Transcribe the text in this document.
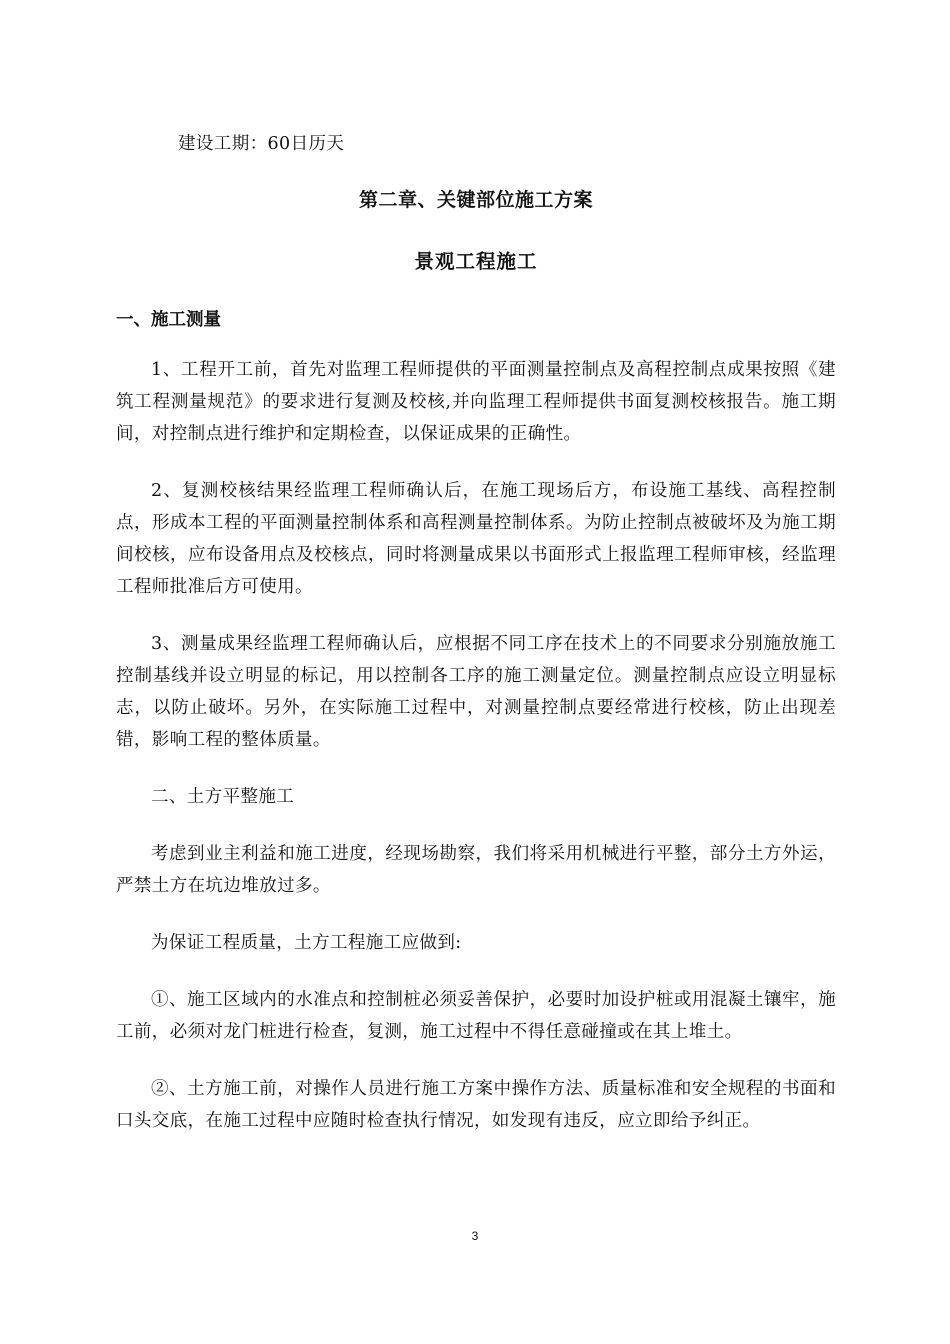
建设工期：60日历天

第二章、关键部位施工方案
景观工程施工
一、施工测量

1、工程开工前，首先对监理工程师提供的平面测量控制点及高程控制点成果按照《建筑工程测量规范》的要求进行复测及校核,并向监理工程师提供书面复测校核报告。施工期间，对控制点进行维护和定期检查，以保证成果的正确性。

2、复测校核结果经监理工程师确认后，在施工现场后方，布设施工基线、高程控制点，形成本工程的平面测量控制体系和高程测量控制体系。为防止控制点被破坏及为施工期间校核，应布设备用点及校核点，同时将测量成果以书面形式上报监理工程师审核，经监理工程师批准后方可使用。

3、测量成果经监理工程师确认后，应根据不同工序在技术上的不同要求分别施放施工控制基线并设立明显的标记，用以控制各工序的施工测量定位。测量控制点应设立明显标志，以防止破坏。另外，在实际施工过程中，对测量控制点要经常进行校核，防止出现差错，影响工程的整体质量。

二、土方平整施工

考虑到业主利益和施工进度，经现场勘察，我们将采用机械进行平整，部分土方外运，严禁土方在坑边堆放过多。

为保证工程质量，土方工程施工应做到:

①、施工区域内的水准点和控制桩必须妥善保护，必要时加设护桩或用混凝土镶牢，施工前，必须对龙门桩进行检查，复测，施工过程中不得任意碰撞或在其上堆土。

②、土方施工前，对操作人员进行施工方案中操作方法、质量标准和安全规程的书面和口头交底，在施工过程中应随时检查执行情况，如发现有违反，应立即给予纠正。

3
